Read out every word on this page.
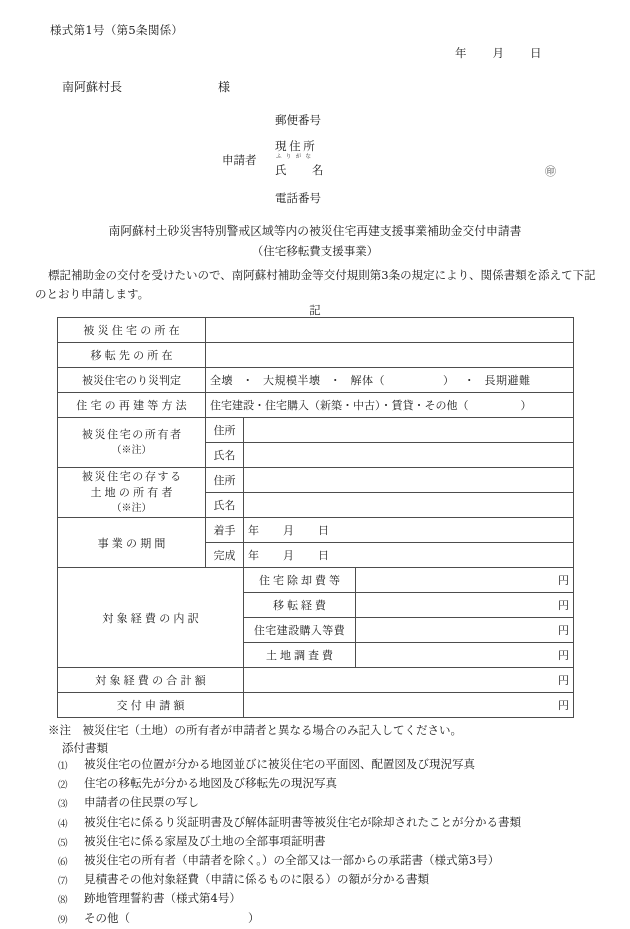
様式第1号（第5条関係）
年 月 日
南阿蘇村長	様
申請者
郵便番号
現住所
ふりがな
氏　名	㊞
電話番号
南阿蘇村土砂災害特別警戒区域等内の被災住宅再建支援事業補助金交付申請書
（住宅移転費支援事業）
標記補助金の交付を受けたいので、南阿蘇村補助金等交付規則第3条の規定により、関係書類を添えて下記のとおり申請します。
記
被災住宅の所在			
移転先の所在			
被災住宅のり災判定	全壊 ・ 大規模半壊 ・ 解体（ ） ・ 長期避難		
住宅の再建等方法	住宅建設・住宅購入（新築・中古）・賃貸・その他（ ）		

被災住宅の所有者
（※注）	住所		
	氏名		

被災住宅の存する
土地の所有者
（※注）	住所		
	氏名		
事業の期間	着手	年 月 日	
	完成	年 月 日	
対象経費の内訳		住宅除却費等	円
		移転経費	円
		住宅建設購入等費	円
		土地調査費	円
対象経費の合計額		円	
交付申請額		円	
※注　被災住宅（土地）の所有者が申請者と異なる場合のみ記入してください。
添付書類
⑴	被災住宅の位置が分かる地図並びに被災住宅の平面図、配置図及び現況写真
⑵	住宅の移転先が分かる地図及び移転先の現況写真
⑶	申請者の住民票の写し
⑷	被災住宅に係るり災証明書及び解体証明書等被災住宅が除却されたことが分かる書類
⑸	被災住宅に係る家屋及び土地の全部事項証明書
⑹	被災住宅の所有者（申請者を除く。）の全部又は一部からの承諾書（様式第3号）
⑺	見積書その他対象経費（申請に係るものに限る）の額が分かる書類
⑻	跡地管理誓約書（様式第4号）
⑼	その他（	）
